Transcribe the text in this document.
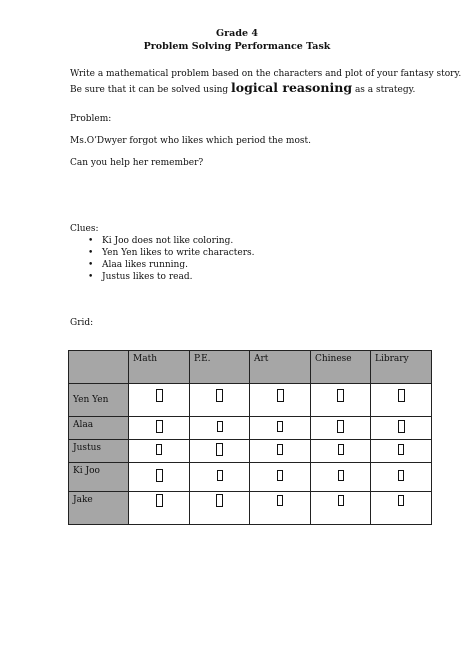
Grade 4
Problem Solving Performance Task
Write a mathematical problem based on the characters and plot of your fantasy story.
Be sure that it can be solved using logical reasoning as a strategy.
Problem:
Ms.O’Dwyer forgot who likes which period the most.
Can you help her remember?
Clues:
• Ki Joo does not like coloring.
• Yen Yen likes to write characters.
• Alaa likes running.
• Justus likes to read.
Grid:
	Math	P.E.	Art	Chinese	Library
Yen Yen					
Alaa					
Justus					
Ki Joo					
Jake					
